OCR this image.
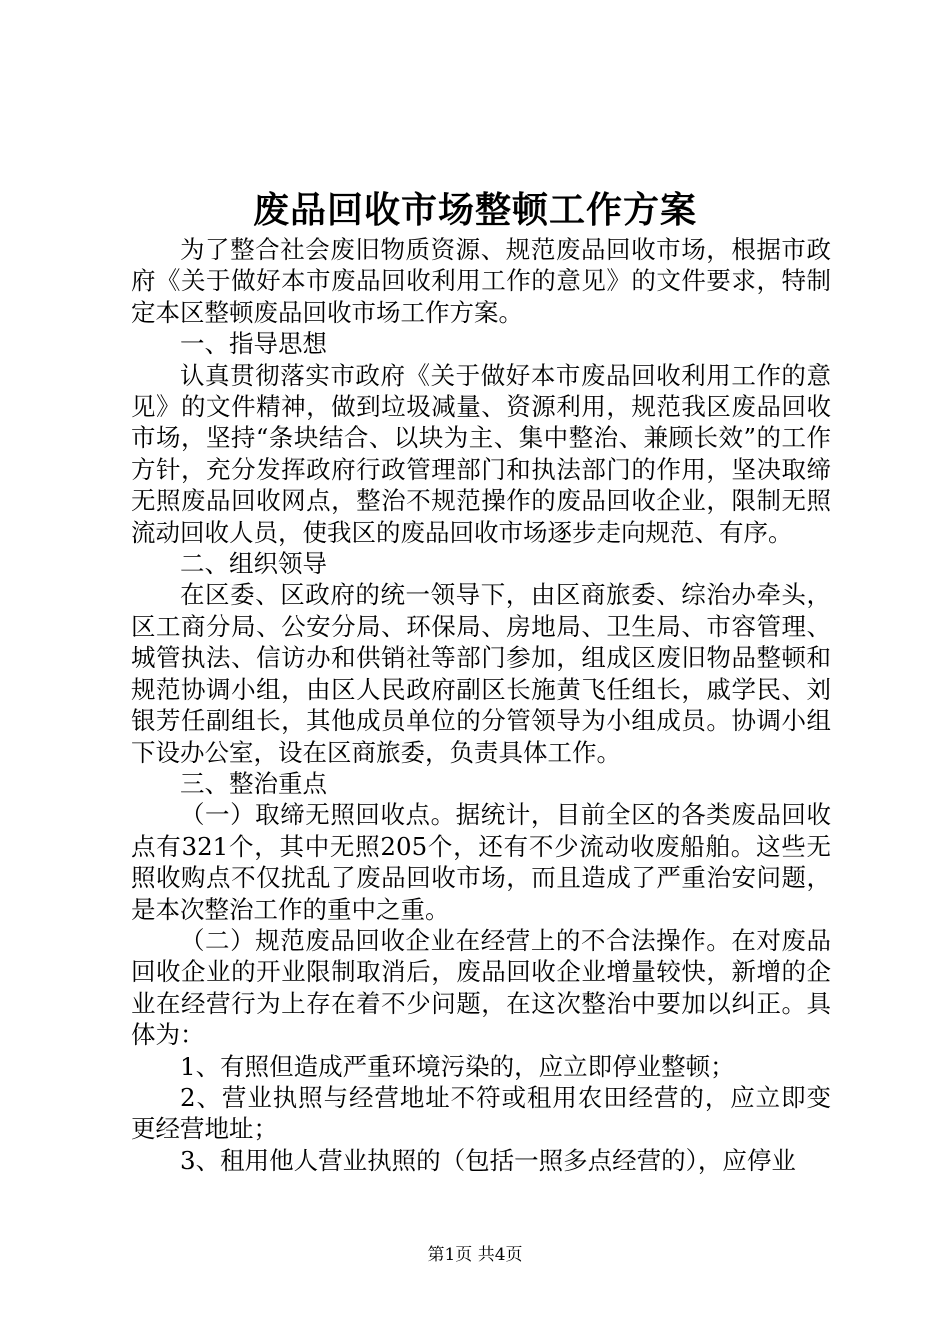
废品回收市场整顿工作方案

为了整合社会废旧物质资源、规范废品回收市场，根据市政府《关于做好本市废品回收利用工作的意见》的文件要求，特制定本区整顿废品回收市场工作方案。

一、指导思想

认真贯彻落实市政府《关于做好本市废品回收利用工作的意见》的文件精神，做到垃圾减量、资源利用，规范我区废品回收市场，坚持“条块结合、以块为主、集中整治、兼顾长效”的工作方针，充分发挥政府行政管理部门和执法部门的作用，坚决取缔无照废品回收网点，整治不规范操作的废品回收企业，限制无照流动回收人员，使我区的废品回收市场逐步走向规范、有序。

二、组织领导

在区委、区政府的统一领导下，由区商旅委、综治办牵头，区工商分局、公安分局、环保局、房地局、卫生局、市容管理、城管执法、信访办和供销社等部门参加，组成区废旧物品整顿和规范协调小组，由区人民政府副区长施黄飞任组长，戚学民、刘银芳任副组长，其他成员单位的分管领导为小组成员。协调小组下设办公室，设在区商旅委，负责具体工作。

三、整治重点

（一）取缔无照回收点。据统计，目前全区的各类废品回收点有321个，其中无照205个，还有不少流动收废船舶。这些无照收购点不仅扰乱了废品回收市场，而且造成了严重治安问题，是本次整治工作的重中之重。

（二）规范废品回收企业在经营上的不合法操作。在对废品回收企业的开业限制取消后，废品回收企业增量较快，新增的企业在经营行为上存在着不少问题，在这次整治中要加以纠正。具体为：

1、有照但造成严重环境污染的，应立即停业整顿；

2、营业执照与经营地址不符或租用农田经营的，应立即变更经营地址；

3、租用他人营业执照的（包括一照多点经营的），应停业

第1页 共4页
